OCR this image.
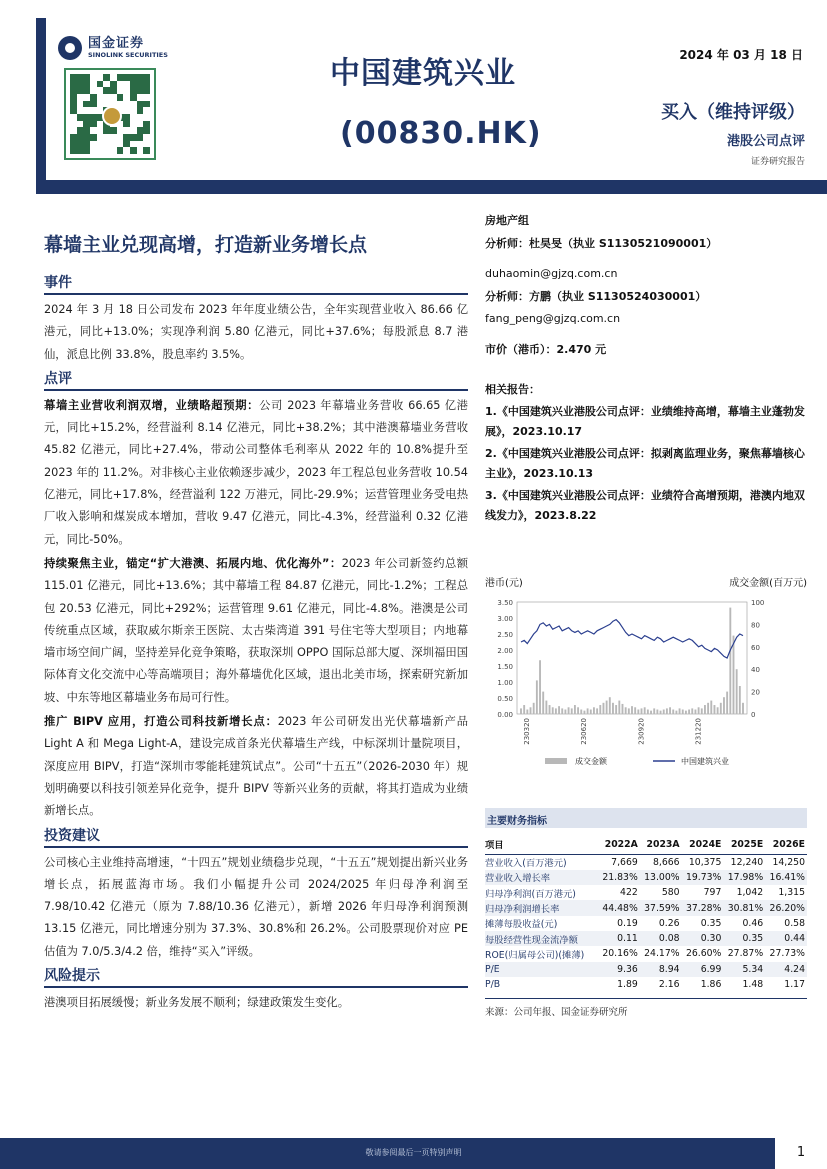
国金证券
SINOLINK SECURITIES	2024 年 03 月 18 日
中国建筑兴业
(00830.HK)
买入（维持评级）
港股公司点评
证券研究报告
幕墙主业兑现高增，打造新业务增长点
事件

2024 年 3 月 18 日公司发布 2023 年年度业绩公告，全年实现营业收入 86.66 亿港元，同比+13.0%；实现净利润 5.80 亿港元，同比+37.6%；每股派息 8.7 港仙，派息比例 33.8%，股息率约 3.5%。

点评

幕墙主业营收利润双增，业绩略超预期：公司 2023 年幕墙业务营收 66.65 亿港元，同比+15.2%，经营溢利 8.14 亿港元，同比+38.2%；其中港澳幕墙业务营收 45.82 亿港元，同比+27.4%，带动公司整体毛利率从 2022 年的 10.8%提升至 2023 年的 11.2%。对非核心主业依赖逐步减少，2023 年工程总包业务营收 10.54 亿港元，同比+17.8%，经营溢利 122 万港元，同比-29.9%；运营管理业务受电热厂收入影响和煤炭成本增加，营收 9.47 亿港元，同比-4.3%，经营溢利 0.32 亿港元，同比-50%。

持续聚焦主业，锚定“扩大港澳、拓展内地、优化海外”：2023 年公司新签约总额 115.01 亿港元，同比+13.6%；其中幕墙工程 84.87 亿港元，同比-1.2%；工程总包 20.53 亿港元，同比+292%；运营管理 9.61 亿港元，同比-4.8%。港澳是公司传统重点区域，获取威尔斯亲王医院、太古柴湾道 391 号住宅等大型项目；内地幕墙市场空间广阔，坚持差异化竞争策略，获取深圳 OPPO 国际总部大厦、深圳福田国际体育文化交流中心等高端项目；海外幕墙优化区域，退出北美市场，探索研究新加坡、中东等地区幕墙业务布局可行性。

推广 BIPV 应用，打造公司科技新增长点：2023 年公司研发出光伏幕墙新产品 Light A 和 Mega Light-A，建设完成首条光伏幕墙生产线，中标深圳计量院项目，深度应用 BIPV，打造“深圳市零能耗建筑试点”。公司“十五五”（2026-2030 年）规划明确要以科技引领差异化竞争，提升 BIPV 等新兴业务的贡献，将其打造成为业绩新增长点。

投资建议

公司核心主业维持高增速，“十四五”规划业绩稳步兑现，“十五五”规划提出新兴业务增长点，拓展蓝海市场。我们小幅提升公司 2024/2025 年归母净利润至 7.98/10.42 亿港元（原为 7.88/10.36 亿港元），新增 2026 年归母净利润预测 13.15 亿港元，同比增速分别为 37.3%、30.8%和 26.2%。公司股票现价对应 PE 估值为 7.0/5.3/4.2 倍，维持“买入”评级。

风险提示

港澳项目拓展缓慢；新业务发展不顺利；绿建政策发生变化。

房地产组
分析师：杜昊旻（执业 S1130521090001）
duhaomin@gjzq.com.cn
分析师：方鹏（执业 S1130524030001）
fang_peng@gjzq.com.cn
市价（港币）：2.470 元
相关报告：
1.《中国建筑兴业港股公司点评：业绩维持高增，幕墙主业蓬勃发展》，2023.10.17
2.《中国建筑兴业港股公司点评：拟剥离监理业务，聚焦幕墙核心主业》，2023.10.13
3.《中国建筑兴业港股公司点评：业绩符合高增预期，港澳内地双线发力》，2023.8.22
港币(元)	成交金额(百万元)
3.50
3.00
2.50
2.00
1.50
1.00
0.50
0.00
100
80
60
40
20
0
230320	230620	230920	231220
成交金额	中国建筑兴业
主要财务指标
项目	2022A	2023A	2024E	2025E	2026E
营业收入(百万港元)	7,669	8,666	10,375	12,240	14,250
营业收入增长率	21.83%	13.00%	19.73%	17.98%	16.41%
归母净利润(百万港元)	422	580	797	1,042	1,315
归母净利润增长率	44.48%	37.59%	37.28%	30.81%	26.20%
摊薄每股收益(元)	0.19	0.26	0.35	0.46	0.58
每股经营性现金流净额	0.11	0.08	0.30	0.35	0.44
ROE(归属母公司)(摊薄)	20.16%	24.17%	26.60%	27.87%	27.73%
P/E	9.36	8.94	6.99	5.34	4.24
P/B	1.89	2.16	1.86	1.48	1.17
来源：公司年报、国金证券研究所
敬请参阅最后一页特别声明	1
